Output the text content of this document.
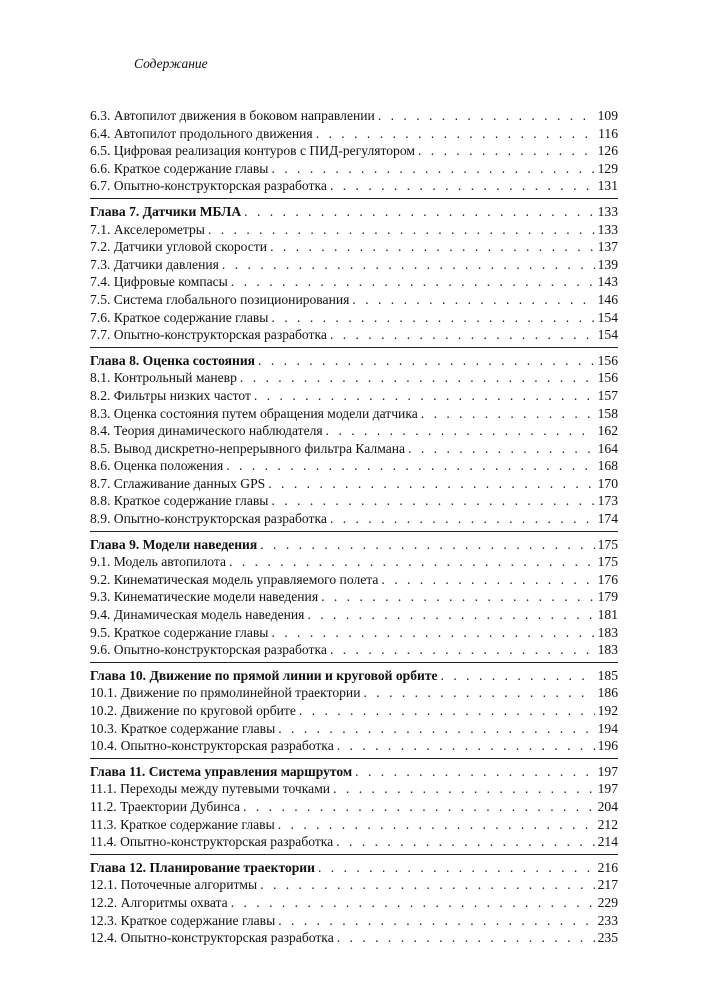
Содержание
6.3. Автопилот движения в боковом направлении . . .	109
6.4. Автопилот продольного движения . . .	116
6.5. Цифровая реализация контуров с ПИД-регулятором . . .	126
6.6. Краткое содержание главы . . .	129
6.7. Опытно-конструкторская разработка . . .	131
Глава 7. Датчики МБЛА . . .	133
7.1. Акселерометры . . .	133
7.2. Датчики угловой скорости . . .	137
7.3. Датчики давления . . .	139
7.4. Цифровые компасы . . .	143
7.5. Система глобального позиционирования . . .	146
7.6. Краткое содержание главы . . .	154
7.7. Опытно-конструкторская разработка . . .	154
Глава 8. Оценка состояния . . .	156
8.1. Контрольный маневр . . .	156
8.2. Фильтры низких частот . . .	157
8.3. Оценка состояния путем обращения модели датчика . . .	158
8.4. Теория динамического наблюдателя . . .	162
8.5. Вывод дискретно-непрерывного фильтра Калмана . . .	164
8.6. Оценка положения . . .	168
8.7. Сглаживание данных GPS . . .	170
8.8. Краткое содержание главы . . .	173
8.9. Опытно-конструкторская разработка . . .	174
Глава 9. Модели наведения . . .	175
9.1. Модель автопилота . . .	175
9.2. Кинематическая модель управляемого полета . . .	176
9.3. Кинематические модели наведения . . .	179
9.4. Динамическая модель наведения . . .	181
9.5. Краткое содержание главы . . .	183
9.6. Опытно-конструкторская разработка . . .	183
Глава 10. Движение по прямой линии и круговой орбите . . .	185
10.1. Движение по прямолинейной траектории . . .	186
10.2. Движение по круговой орбите . . .	192
10.3. Краткое содержание главы . . .	194
10.4. Опытно-конструкторская разработка . . .	196
Глава 11. Система управления маршрутом . . .	197
11.1. Переходы между путевыми точками . . .	197
11.2. Траектории Дубинса . . .	204
11.3. Краткое содержание главы . . .	212
11.4. Опытно-конструкторская разработка . . .	214
Глава 12. Планирование траектории . . .	216
12.1. Поточечные алгоритмы . . .	217
12.2. Алгоритмы охвата . . .	229
12.3. Краткое содержание главы . . .	233
12.4. Опытно-конструкторская разработка . . .	235
